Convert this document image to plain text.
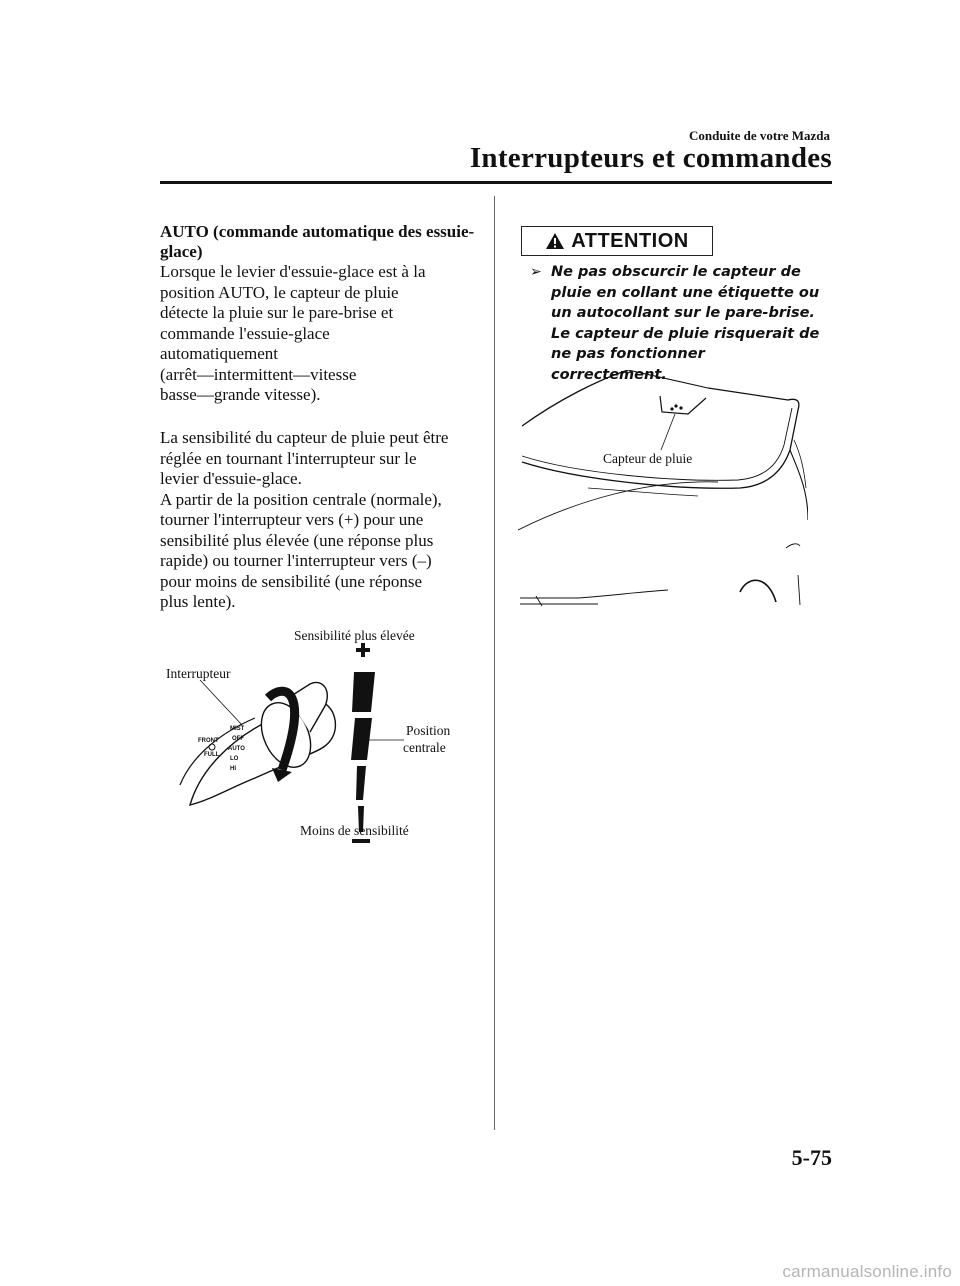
Conduite de votre Mazda
Interrupteurs et commandes
AUTO (commande automatique des essuie-glace)
Lorsque le levier d'essuie-glace est à la
position AUTO, le capteur de pluie
détecte la pluie sur le pare-brise et
commande l'essuie-glace
automatiquement
(arrêt―intermittent―vitesse
basse―grande vitesse).
La sensibilité du capteur de pluie peut être
réglée en tournant l'interrupteur sur le
levier d'essuie-glace.
A partir de la position centrale (normale),
tourner l'interrupteur vers (+) pour une
sensibilité plus élevée (une réponse plus
rapide) ou tourner l'interrupteur vers (–)
pour moins de sensibilité (une réponse
plus lente).
FRONT
FULL
MIST
OFF
AUTO
LO
HI
Sensibilité plus élevée
Interrupteur
Position
centrale
Moins de sensibilité
ATTENTION
➢ Ne pas obscurcir le capteur de
pluie en collant une étiquette ou
un autocollant sur le pare-brise.
Le capteur de pluie risquerait de
ne pas fonctionner correctement.
Capteur de pluie
5-75
carmanualsonline.info
